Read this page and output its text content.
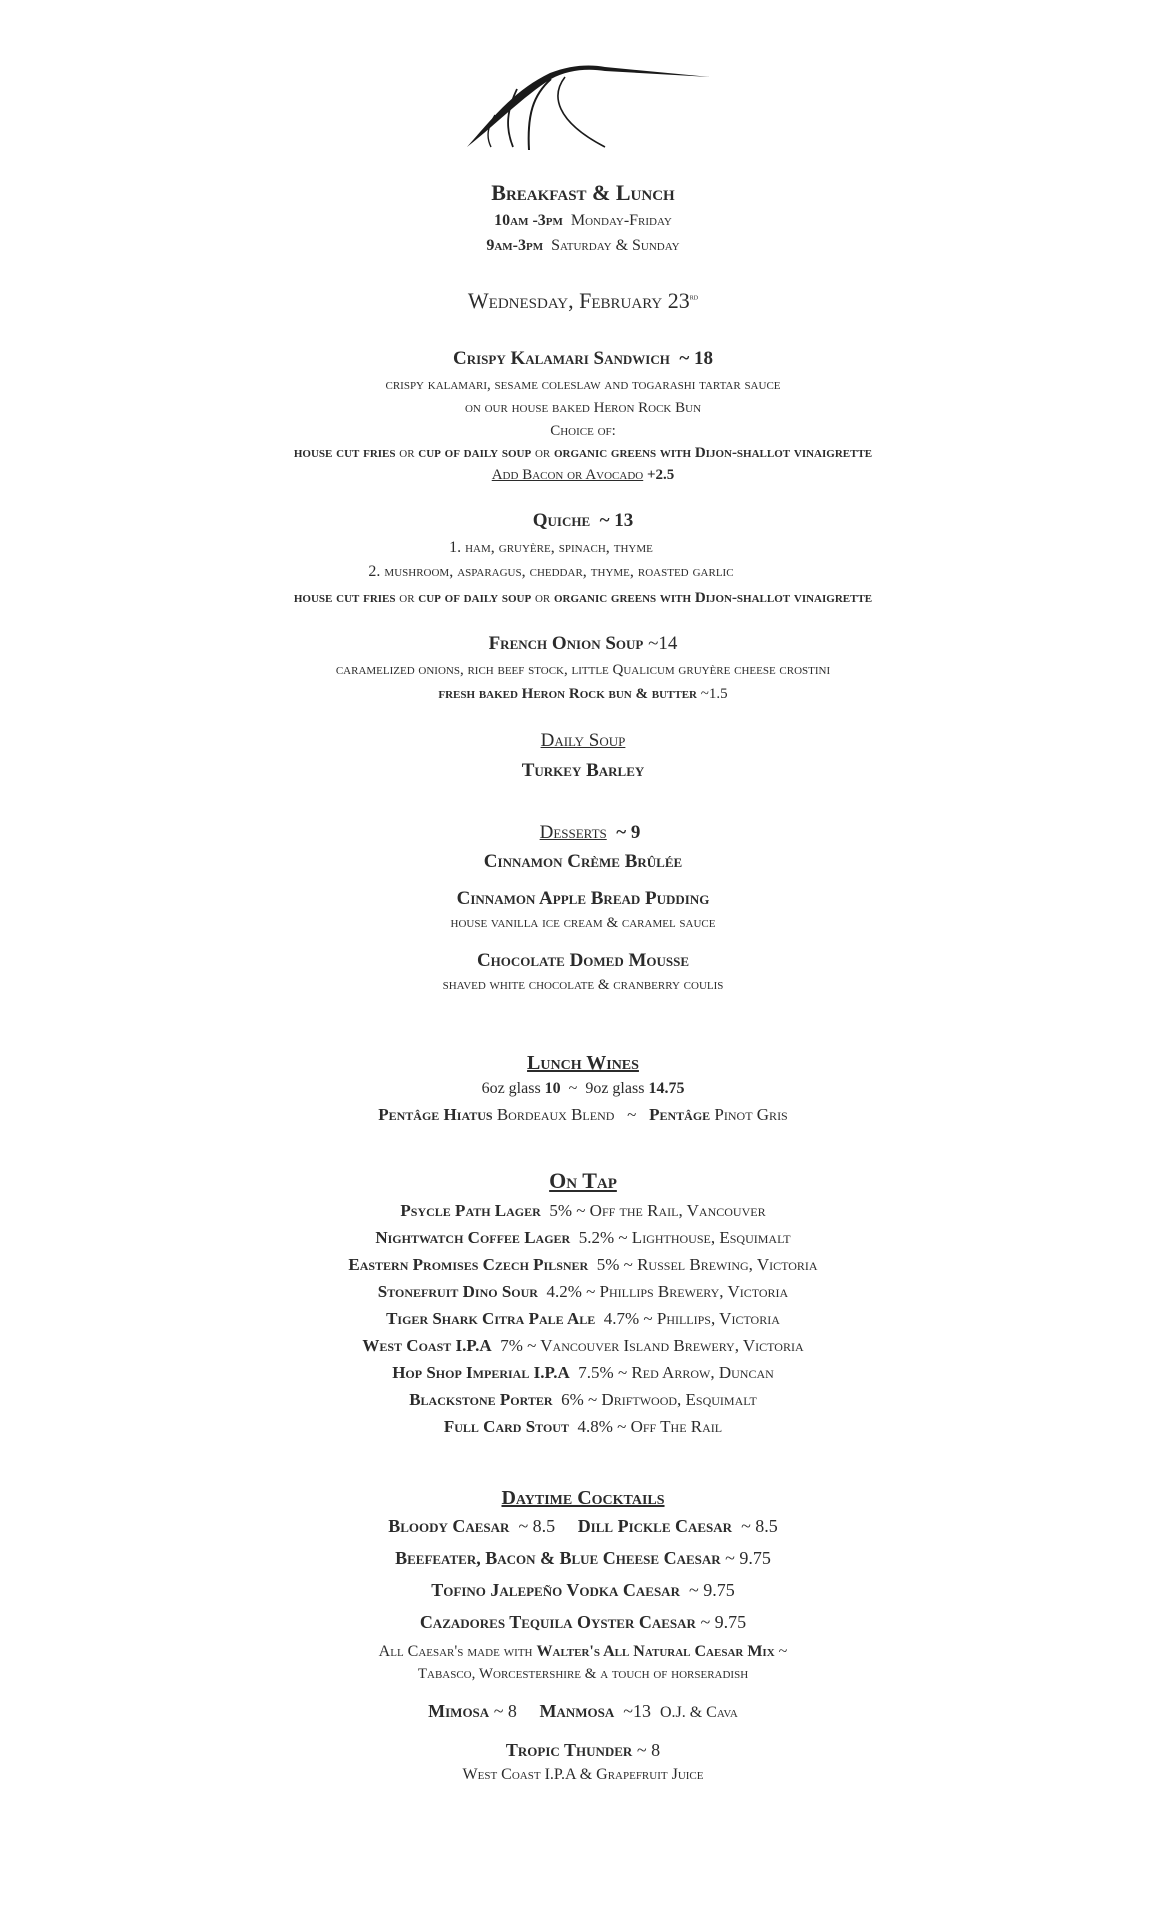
Breakfast & Lunch
10am -3pm Monday-Friday
9am-3pm Saturday & Sunday
Wednesday, February 23rd
Crispy Kalamari Sandwich ~ 18
crispy kalamari, sesame coleslaw and togarashi tartar sauce
on our house baked Heron Rock Bun
Choice of:
house cut fries or cup of daily soup or organic greens with Dijon-shallot vinaigrette
Add Bacon or Avocado +2.5
Quiche ~ 13
1. ham, gruyère, spinach, thyme
2. mushroom, asparagus, cheddar, thyme, roasted garlic
house cut fries or cup of daily soup or organic greens with Dijon-shallot vinaigrette
French Onion Soup ~14
caramelized onions, rich beef stock, little Qualicum gruyère cheese crostini
fresh baked Heron Rock bun & butter ~1.5
Daily Soup
Turkey Barley
Desserts ~ 9
Cinnamon Crème Brûlée
Cinnamon Apple Bread Pudding
house vanilla ice cream & caramel sauce
Chocolate Domed Mousse
shaved white chocolate & cranberry coulis
Lunch Wines
6oz glass 10 ~ 9oz glass 14.75
Pentâge Hiatus Bordeaux Blend ~ Pentâge Pinot Gris
On Tap
Psycle Path Lager 5% ~ Off the Rail, Vancouver
Nightwatch Coffee Lager 5.2% ~ Lighthouse, Esquimalt
Eastern Promises Czech Pilsner 5% ~ Russel Brewing, Victoria
Stonefruit Dino Sour 4.2% ~ Phillips Brewery, Victoria
Tiger Shark Citra Pale Ale 4.7% ~ Phillips, Victoria
West Coast I.P.A 7% ~ Vancouver Island Brewery, Victoria
Hop Shop Imperial I.P.A 7.5% ~ Red Arrow, Duncan
Blackstone Porter 6% ~ Driftwood, Esquimalt
Full Card Stout 4.8% ~ Off The Rail
Daytime Cocktails
Bloody Caesar ~ 8.5 Dill Pickle Caesar ~ 8.5
Beefeater, Bacon & Blue Cheese Caesar ~ 9.75
Tofino Jalepeño Vodka Caesar ~ 9.75
Cazadores Tequila Oyster Caesar ~ 9.75
All Caesar's made with Walter's All Natural Caesar Mix ~
Tabasco, Worcestershire & a touch of horseradish
Mimosa ~ 8 Manmosa ~13 O.J. & Cava
Tropic Thunder ~ 8
West Coast I.P.A & Grapefruit Juice
